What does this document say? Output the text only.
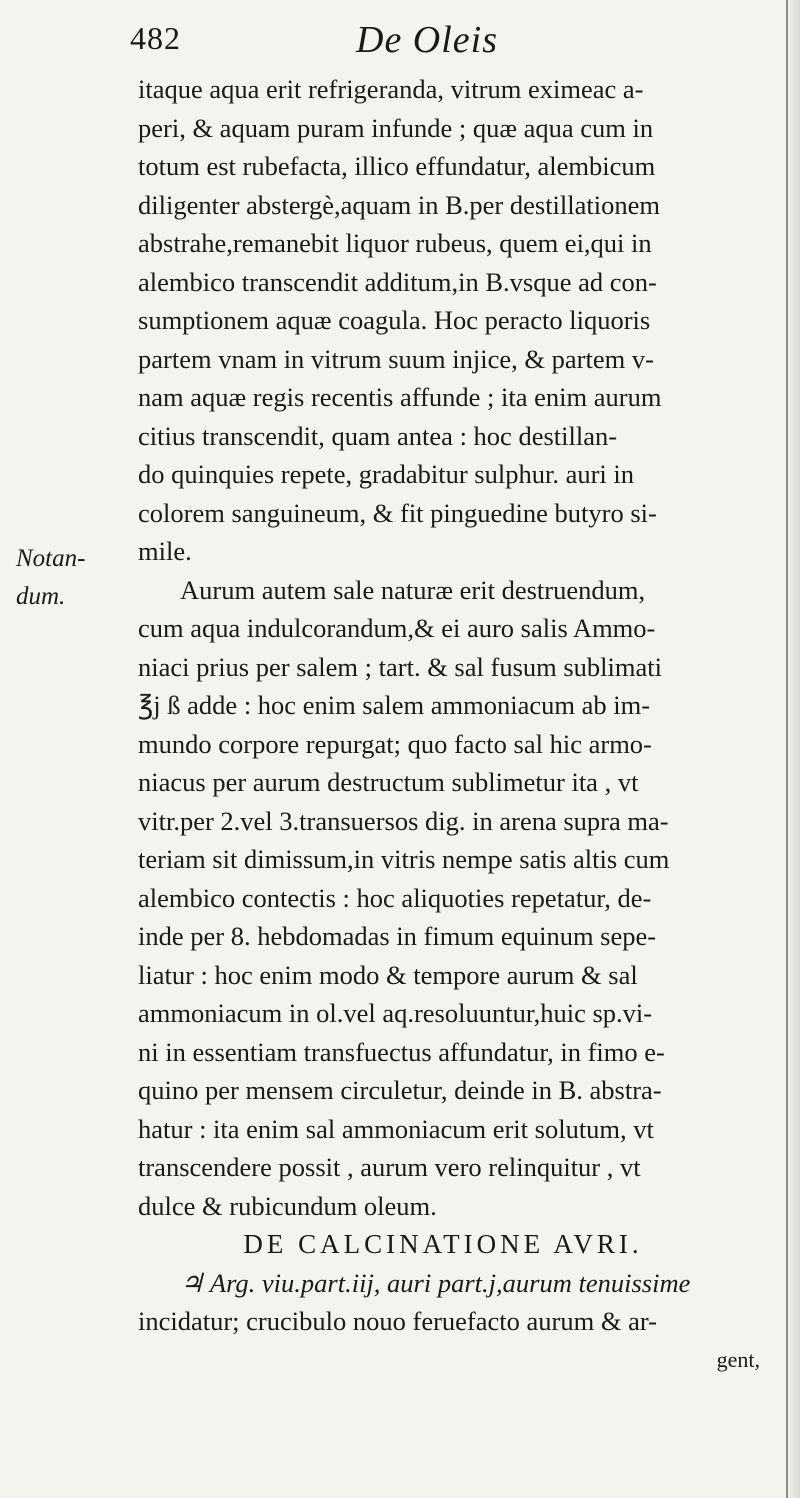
482	De Oleis
Notan-
dum.
itaque aqua erit refrigeranda, vitrum eximeac a-
peri, & aquam puram infunde ; quæ aqua cum in
totum est rubefacta, illico effundatur, alembicum
diligenter abstergè,aquam in B.per destillationem
abstrahe,remanebit liquor rubeus, quem ei,qui in
alembico transcendit additum,in B.vsque ad con-
sumptionem aquæ coagula. Hoc peracto liquoris
partem vnam in vitrum suum injice, & partem v-
nam aquæ regis recentis affunde ; ita enim aurum
citius transcendit, quam antea : hoc destillan-
do quinquies repete, gradabitur sulphur. auri in
colorem sanguineum, & fit pinguedine butyro si-
mile.
Aurum autem sale naturæ erit destruendum,
cum aqua indulcorandum,& ei auro salis Ammo-
niaci prius per salem ; tart. & sal fusum sublimati
℥j ß adde : hoc enim salem ammoniacum ab im-
mundo corpore repurgat; quo facto sal hic armo-
niacus per aurum destructum sublimetur ita , vt
vitr.per 2.vel 3.transuersos dig. in arena supra ma-
teriam sit dimissum,in vitris nempe satis altis cum
alembico contectis : hoc aliquoties repetatur, de-
inde per 8. hebdomadas in fimum equinum sepe-
liatur : hoc enim modo & tempore aurum & sal
ammoniacum in ol.vel aq.resoluuntur,huic sp.vi-
ni in essentiam transfuectus affundatur, in fimo e-
quino per mensem circuletur, deinde in B. abstra-
hatur : ita enim sal ammoniacum erit solutum, vt
transcendere possit , aurum vero relinquitur , vt
dulce & rubicundum oleum.
DE CALCINATIONE AVRI.
♃ Arg. viu.part.iij, auri part.j,aurum tenuissime
incidatur; crucibulo nouo feruefacto aurum & ar-
gent,
